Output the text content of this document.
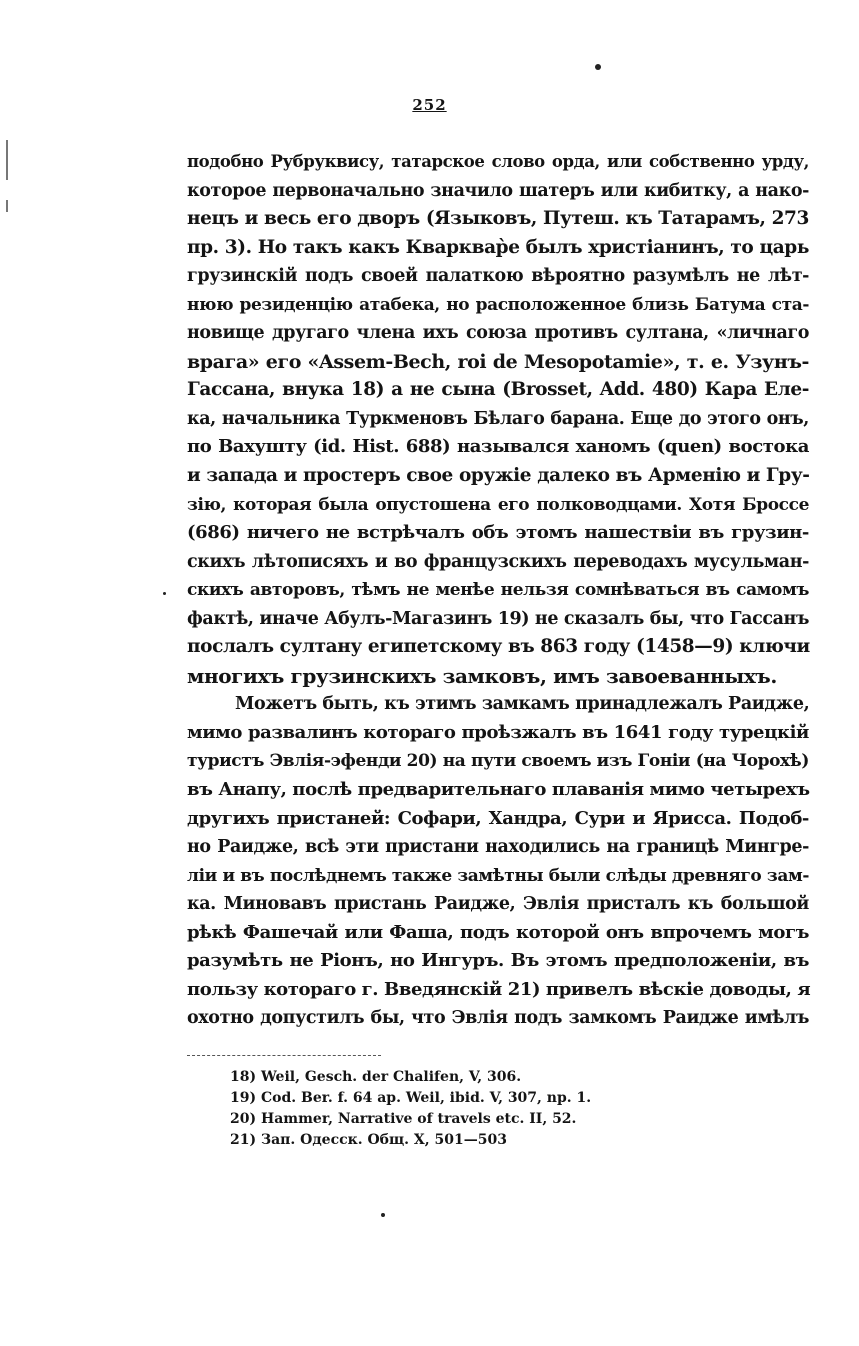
252
подобно Рубруквису, татарское слово орда, или собственно урду,
которое первоначально значило шатеръ или кибитку, а нако-
нецъ и весь его дворъ (Языковъ, Путеш. къ Татарамъ, 273
пр. 3). Но такъ какъ Кварквар̀е былъ христіанинъ, то царь
грузинскій подъ своей палаткою вѣроятно разумѣлъ не лѣт-
нюю резиденцію атабека, но расположенное близь Батума ста-
новище другаго члена ихъ союза противъ султана, «личнаго
врага» его «Assem-Bech, roi de Mesopotamie», т. е. Узунъ-
Гассана, внука 18) а не сына (Brosset, Add. 480) Кара Еле-
ка, начальника Туркменовъ Бѣлаго барана. Еще до этого онъ,
по Вахушту (id. Hist. 688) назывался ханомъ (quen) востока
и запада и простеръ свое оружіе далеко въ Арменію и Гру-
зію, которая была опустошена его полководцами. Хотя Броссе
(686) ничего не встрѣчалъ объ этомъ нашествіи въ грузин-
скихъ лѣтописяхъ и во французскихъ переводахъ мусульман-
скихъ авторовъ, тѣмъ не менѣе нельзя сомнѣваться въ самомъ
фактѣ, иначе Абулъ-Магазинъ 19) не сказалъ бы, что Гассанъ
послалъ султану египетскому въ 863 году (1458—9) ключи
многихъ грузинскихъ замковъ, имъ завоеванныхъ.
Можетъ быть, къ этимъ замкамъ принадлежалъ Раидже,
мимо развалинъ котораго проѣзжалъ въ 1641 году турецкій
туристъ Эвлія-эфенди 20) на пути своемъ изъ Гоніи (на Чорохѣ)
въ Анапу, послѣ предварительнаго плаванія мимо четырехъ
другихъ пристаней: Софари, Хандра, Сури и Ярисса. Подоб-
но Раидже, всѣ эти пристани находились на границѣ Мингре-
ліи и въ послѣднемъ также замѣтны были слѣды древняго зам-
ка. Миновавъ пристань Раидже, Эвлія присталъ къ большой
рѣкѣ Фашечай или Фаша, подъ которой онъ впрочемъ могъ
разумѣть не Ріонъ, но Ингуръ. Въ этомъ предположеніи, въ
пользу котораго г. Введянскій 21) привелъ вѣскіе доводы, я
охотно допустилъ бы, что Эвлія подъ замкомъ Раидже имѣлъ
18) Weil, Gesch. der Chalifen, V, 306.
19) Cod. Ber. f. 64 ap. Weil, ibid. V, 307, np. 1.
20) Hammer, Narrative of travels etc. II, 52.
21) Зап. Одесск. Общ. X, 501—503
